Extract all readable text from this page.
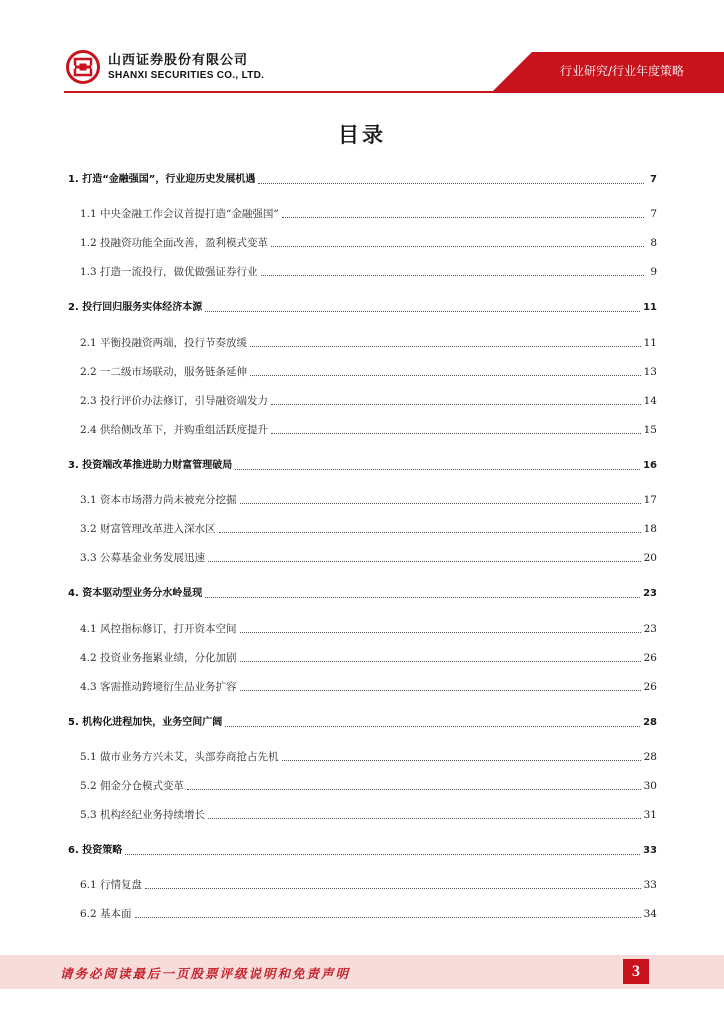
山西证券股份有限公司
SHANXI SECURITIES CO., LTD.	行业研究/行业年度策略
目录
1. 打造“金融强国”，行业迎历史发展机遇	7
1.1 中央金融工作会议首提打造“金融强国”	7
1.2 投融资功能全面改善，盈利模式变革	8
1.3 打造一流投行，做优做强证券行业	9
2. 投行回归服务实体经济本源	11
2.1 平衡投融资两端，投行节奏放缓	11
2.2 一二级市场联动，服务链条延伸	13
2.3 投行评价办法修订，引导融资端发力	14
2.4 供给侧改革下，并购重组活跃度提升	15
3. 投资端改革推进助力财富管理破局	16
3.1 资本市场潜力尚未被充分挖掘	17
3.2 财富管理改革进入深水区	18
3.3 公募基金业务发展迅速	20
4. 资本驱动型业务分水岭显现	23
4.1 风控指标修订，打开资本空间	23
4.2 投资业务拖累业绩，分化加剧	26
4.3 客需推动跨境衍生品业务扩容	26
5. 机构化进程加快，业务空间广阔	28
5.1 做市业务方兴未艾，头部券商抢占先机	28
5.2 佣金分仓模式变革	30
5.3 机构经纪业务持续增长	31
6. 投资策略	33
6.1 行情复盘	33
6.2 基本面	34
请务必阅读最后一页股票评级说明和免责声明	3
